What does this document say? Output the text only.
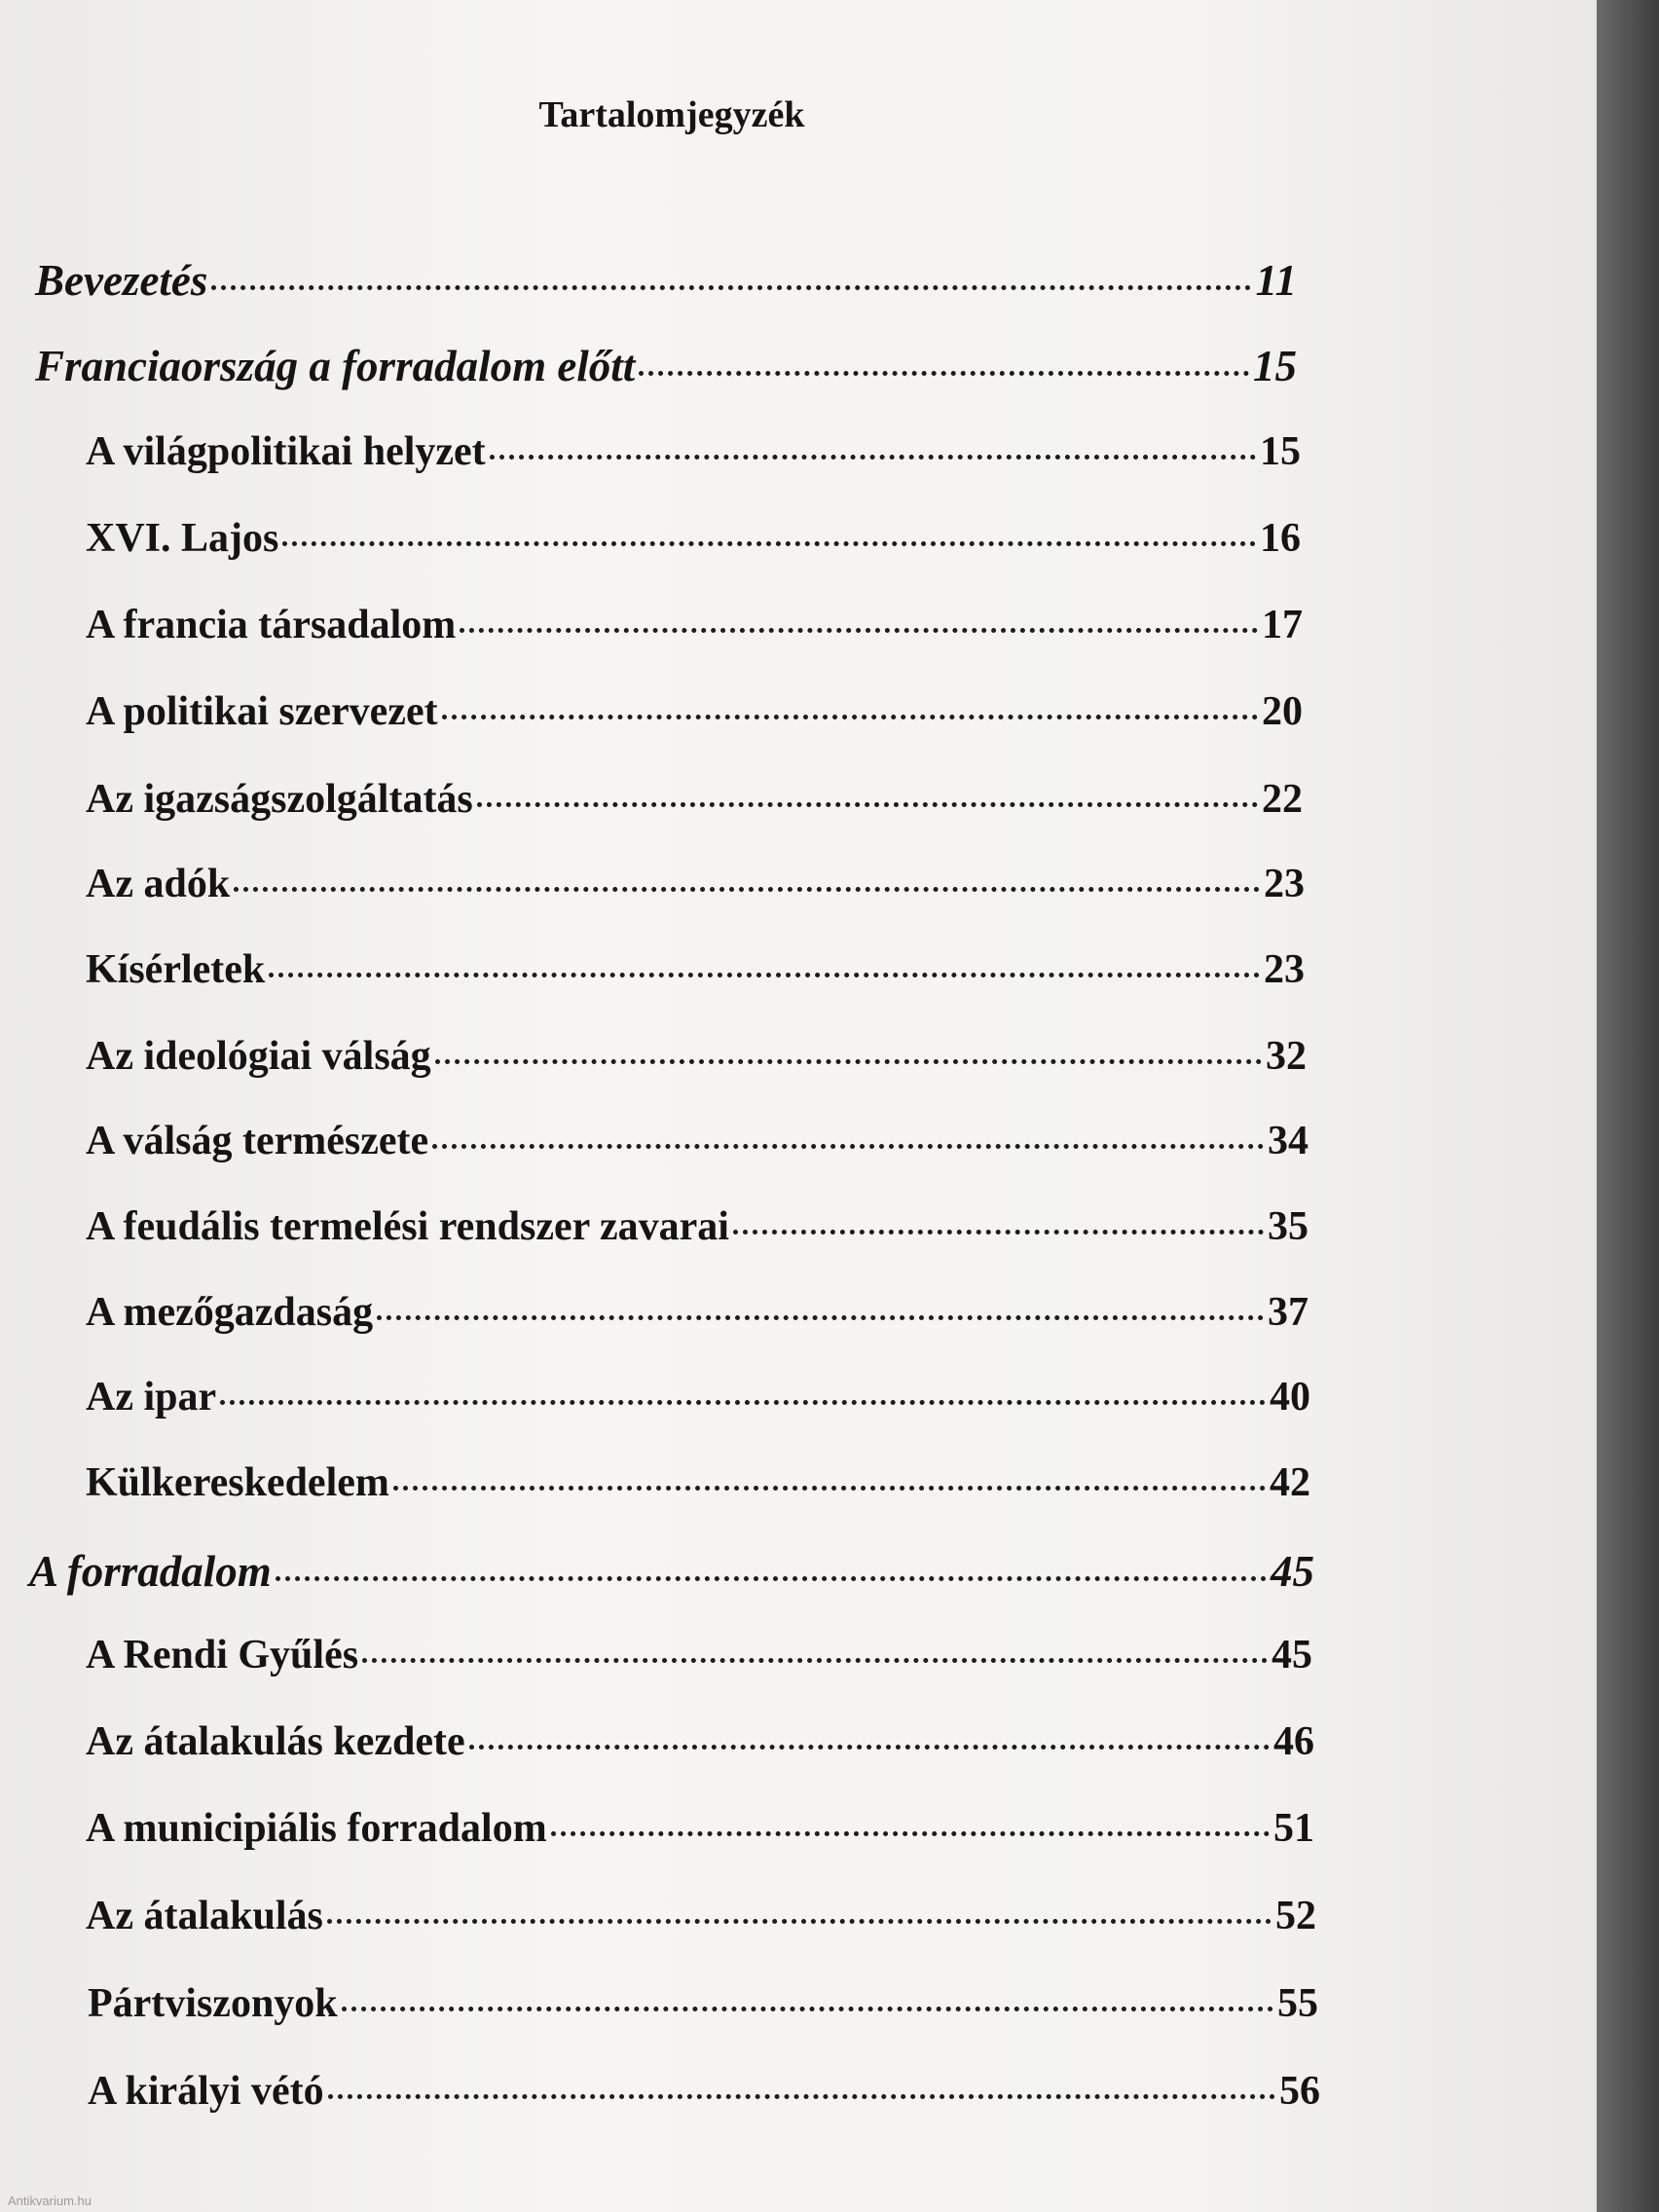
Tartalomjegyzék
Bevezetés	11
Franciaország a forradalom előtt	15
A világpolitikai helyzet	15
XVI. Lajos	16
A francia társadalom	17
A politikai szervezet	20
Az igazságszolgáltatás	22
Az adók	23
Kísérletek	23
Az ideológiai válság	32
A válság természete	34
A feudális termelési rendszer zavarai	35
A mezőgazdaság	37
Az ipar	40
Külkereskedelem	42
A forradalom	45
A Rendi Gyűlés	45
Az átalakulás kezdete	46
A municipiális forradalom	51
Az átalakulás	52
Pártviszonyok	55
A királyi vétó	56

Antikvarium.hu
